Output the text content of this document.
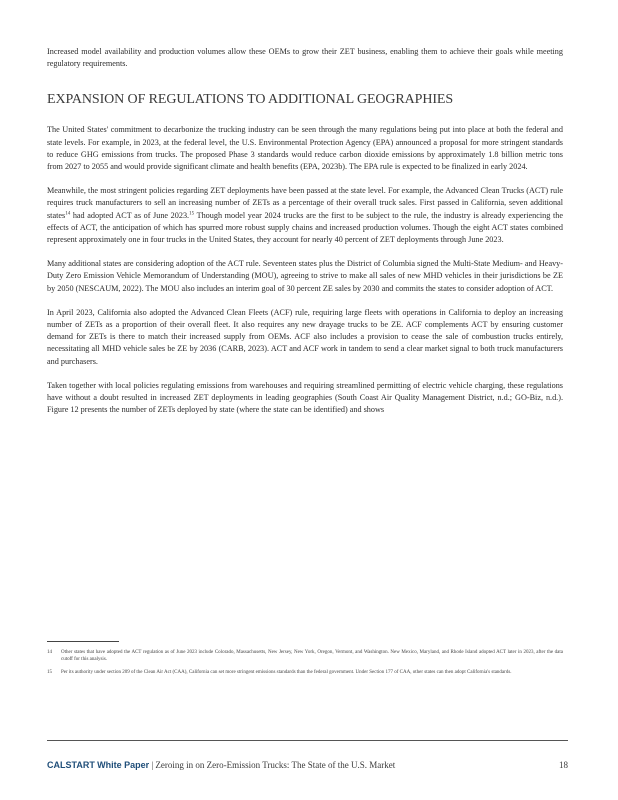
Increased model availability and production volumes allow these OEMs to grow their ZET business, enabling them to achieve their goals while meeting regulatory requirements.

EXPANSION OF REGULATIONS TO ADDITIONAL GEOGRAPHIES

The United States' commitment to decarbonize the trucking industry can be seen through the many regulations being put into place at both the federal and state levels. For example, in 2023, at the federal level, the U.S. Environmental Protection Agency (EPA) announced a proposal for more stringent standards to reduce GHG emissions from trucks. The proposed Phase 3 standards would reduce carbon dioxide emissions by approximately 1.8 billion metric tons from 2027 to 2055 and would provide significant climate and health benefits (EPA, 2023b). The EPA rule is expected to be finalized in early 2024.

Meanwhile, the most stringent policies regarding ZET deployments have been passed at the state level. For example, the Advanced Clean Trucks (ACT) rule requires truck manufacturers to sell an increasing number of ZETs as a percentage of their overall truck sales. First passed in California, seven additional states$^{14}$ had adopted ACT as of June 2023.15 Though model year 2024 trucks are the first to be subject to the rule, the industry is already experiencing the effects of ACT, the anticipation of which has spurred more robust supply chains and increased production volumes. Though the eight ACT states combined represent approximately one in four trucks in the United States, they account for nearly 40 percent of ZET deployments through June 2023.

Many additional states are considering adoption of the ACT rule. Seventeen states plus the District of Columbia signed the Multi-State Medium- and Heavy-Duty Zero Emission Vehicle Memorandum of Understanding (MOU), agreeing to strive to make all sales of new MHD vehicles in their jurisdictions be ZE by 2050 (NESCAUM, 2022). The MOU also includes an interim goal of 30 percent ZE sales by 2030 and commits the states to consider adoption of ACT.

In April 2023, California also adopted the Advanced Clean Fleets (ACF) rule, requiring large fleets with operations in California to deploy an increasing number of ZETs as a proportion of their overall fleet. It also requires any new drayage trucks to be ZE. ACF complements ACT by ensuring customer demand for ZETs is there to match their increased supply from OEMs. ACF also includes a provision to cease the sale of combustion trucks entirely, necessitating all MHD vehicle sales be ZE by 2036 (CARB, 2023). ACT and ACF work in tandem to send a clear market signal to both truck manufacturers and purchasers.

Taken together with local policies regulating emissions from warehouses and requiring streamlined permitting of electric vehicle charging, these regulations have without a doubt resulted in increased ZET deployments in leading geographies (South Coast Air Quality Management District, n.d.; GO-Biz, n.d.). Figure 12 presents the number of ZETs deployed by state (where the state can be identified) and shows

14	Other states that have adopted the ACT regulation as of June 2023 include Colorado, Massachusetts, New Jersey, New York, Oregon, Vermont, and Washington. New Mexico, Maryland, and Rhode Island adopted ACT later in 2023, after the data cutoff for this analysis.
15	Per its authority under section 209 of the Clean Air Act (CAA), California can set more stringent emissions standards than the federal government. Under Section 177 of CAA, other states can then adopt California's standards.
CALSTART White Paper | Zeroing in on Zero-Emission Trucks: The State of the U.S. Market	18
